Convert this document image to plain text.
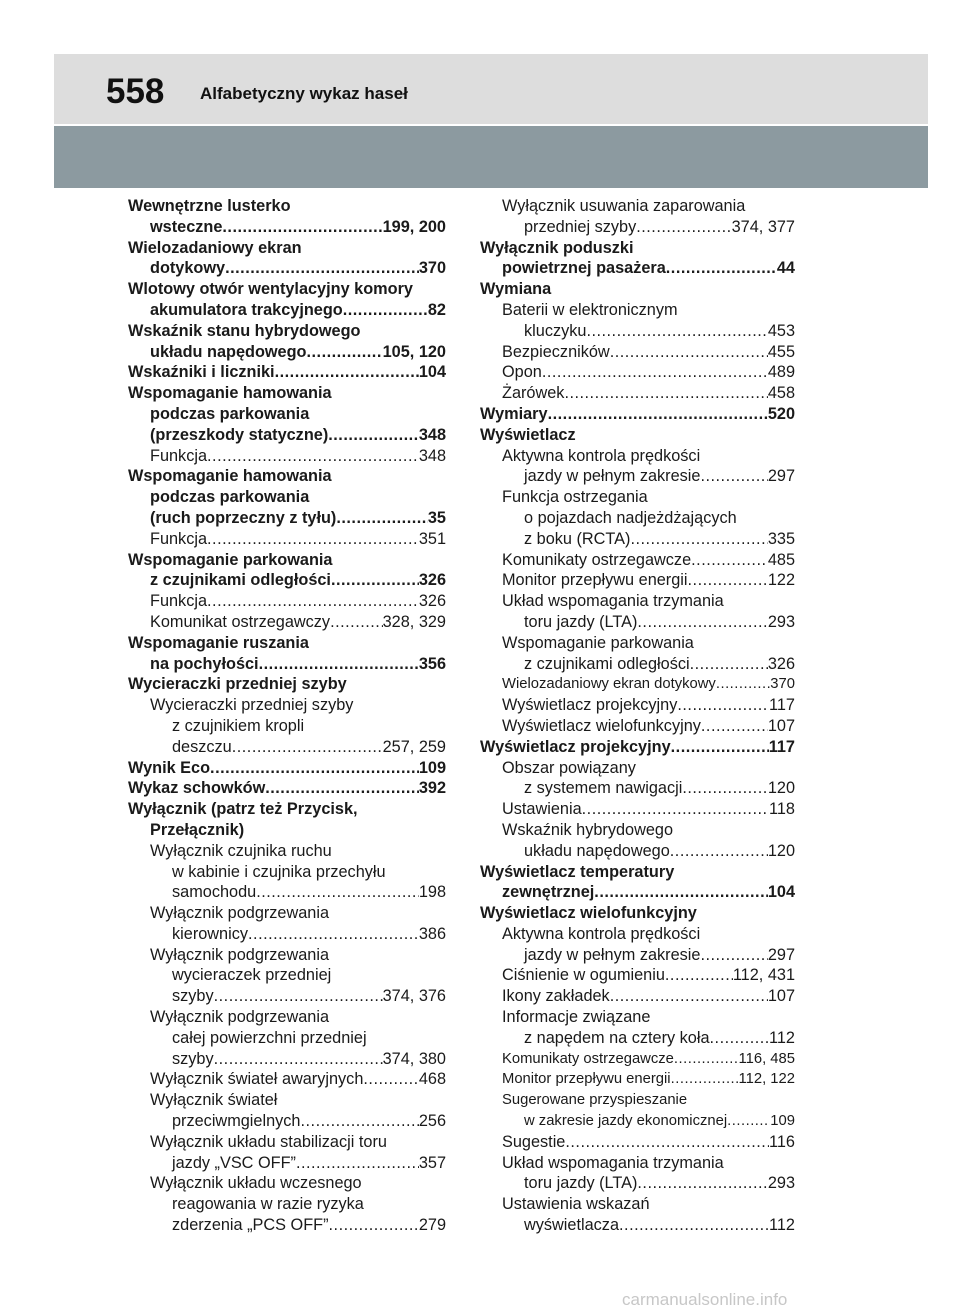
558 Alfabetyczny wykaz haseł
Wewnętrzne lusterko
wsteczne .....	199, 200
Wielozadaniowy ekran
dotykowy .....	370
Wlotowy otwór wentylacyjny komory
akumulatora trakcyjnego .....	82
Wskaźnik stanu hybrydowego
układu napędowego .....	105, 120
Wskaźniki i liczniki .....	104
Wspomaganie hamowania
podczas parkowania
(przeszkody statyczne) .....	348
Funkcja .....	348
Wspomaganie hamowania
podczas parkowania
(ruch poprzeczny z tyłu) .....	35
Funkcja .....	351
Wspomaganie parkowania
z czujnikami odległości .....	326
Funkcja .....	326
Komunikat ostrzegawczy .....	328, 329
Wspomaganie ruszania
na pochyłości .....	356
Wycieraczki przedniej szyby
Wycieraczki przedniej szyby
z czujnikiem kropli
deszczu .....	257, 259
Wynik Eco .....	109
Wykaz schowków .....	392
Wyłącznik (patrz też Przycisk,
Przełącznik)
Wyłącznik czujnika ruchu
w kabinie i czujnika przechyłu
samochodu .....	198
Wyłącznik podgrzewania
kierownicy .....	386
Wyłącznik podgrzewania
wycieraczek przedniej
szyby .....	374, 376
Wyłącznik podgrzewania
całej powierzchni przedniej
szyby .....	374, 380
Wyłącznik świateł awaryjnych .....	468
Wyłącznik świateł
przeciwmgielnych .....	256
Wyłącznik układu stabilizacji toru
jazdy „VSC OFF” .....	357
Wyłącznik układu wczesnego
reagowania w razie ryzyka
zderzenia „PCS OFF” .....	279
Wyłącznik usuwania zaparowania
przedniej szyby .....	374, 377
Wyłącznik poduszki
powietrznej pasażera .....	44
Wymiana
Baterii w elektronicznym
kluczyku .....	453
Bezpieczników .....	455
Opon .....	489
Żarówek .....	458
Wymiary .....	520
Wyświetlacz
Aktywna kontrola prędkości
jazdy w pełnym zakresie .....	297
Funkcja ostrzegania
o pojazdach nadjeżdżających
z boku (RCTA) .....	335
Komunikaty ostrzegawcze .....	485
Monitor przepływu energii .....	122
Układ wspomagania trzymania
toru jazdy (LTA) .....	293
Wspomaganie parkowania
z czujnikami odległości .....	326
Wielozadaniowy ekran dotykowy .....	370
Wyświetlacz projekcyjny .....	117
Wyświetlacz wielofunkcyjny .....	107
Wyświetlacz projekcyjny .....	117
Obszar powiązany
z systemem nawigacji .....	120
Ustawienia .....	118
Wskaźnik hybrydowego
układu napędowego .....	120
Wyświetlacz temperatury
zewnętrznej .....	104
Wyświetlacz wielofunkcyjny
Aktywna kontrola prędkości
jazdy w pełnym zakresie .....	297
Ciśnienie w ogumieniu .....	112, 431
Ikony zakładek .....	107
Informacje związane
z napędem na cztery koła .....	112
Komunikaty ostrzegawcze .....	116, 485
Monitor przepływu energii .....	112, 122
Sugerowane przyspieszanie
w zakresie jazdy ekonomicznej .....	109
Sugestie .....	116
Układ wspomagania trzymania
toru jazdy (LTA) .....	293
Ustawienia wskazań
wyświetlacza .....	112
carmanualsonline.info
